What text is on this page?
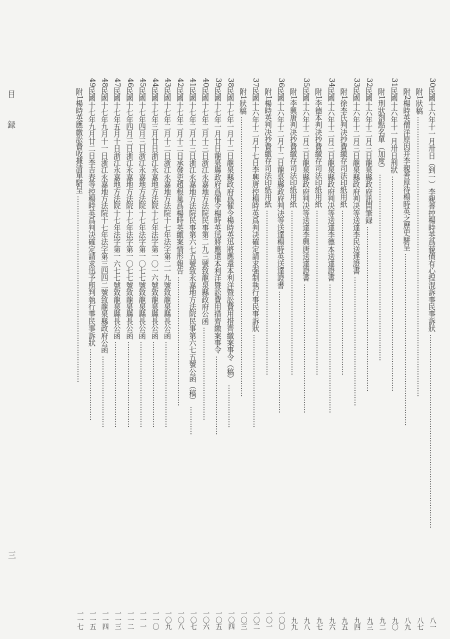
目 録
三
30民國十六年十一月卅日（到一）李親善控楊時英爲藐債有心捏混訴事民事訴狀 ………………………………………………………………………
八一
附1狀稿 ………………………………………………………………………………………………………
八七
附2楊時英僧洋原因并李親善厚待楊時英之歷史駢呈 ………………………………………………………………
八九
31民國十六年十一月卅日刑狀 ………………………………………………………………………………
九〇
附1刑狀劄點名單（加度） ……………………………………………………………………
九二
32民國十六年十二月三日龍泉縣政府訊問筆録 ……………………………………………………………
九三
33民國十六年十二月三日龍泉縣政府判决等送達李民送達證書 ………………………………………………
九四
附1徐李氏判决抄費繳存司法印紙用紙 ……………………………………………………………
九五
34民國十六年十二月三日龍泉縣政府判决等送達李德本送達證書 ………………………………………………
九六
附1李德本判决抄費繳存司法印紙用紙 ……………………………………………………………
九七
35民國十六年十二月三日龍泉縣政府判决等送達李興唐送達證書 ………………………………………………
九八
附1李興唐判决抄費繳存司法印紙用紙 ……………………………………………………………
九九
36民國十六年十二月十二日龍泉縣政府判决等送達楊時英送達證書 ……………………………………………
一〇〇
附1楊時英判决抄費繳存司法印紙用紙 ……………………………………………………………
一〇一
37民國十六年十二月十七日李興唐控楊時英爲判决確定請求强制執行事民事訴狀 …………………………………
一〇二
附1狀稿 ………………………………………………………………………………………………………
一〇三
38民國十七年一月十二日龍泉縣政府爲催令楊時英迅將應還本利洋暨訟費用措齊繳案事令（稿） ………………
一〇四
39民國十七年一月廿日龍泉縣政府爲催令楊時英迅將應還本利洋暨訟費用措齊繳案事令 ……………………………
一〇五
40民國十七年二月十三日浙江永嘉地方法院民事第二九三號致龍泉縣政府公函 …………………………………
一〇六
41民國十七年二月十三日浙江永嘉地方法院民事第六七五號致永嘉地方法院民事第六七五號公函（稿） …………
一〇七
42民國十七年二月十二日承發吏趙根巢爲楊時英繳案情形報告 ………………………………………………
一〇八
43民國十七年二月十二日浙江永嘉地方法院十七年法字第二一九號致龍泉縣長公函 ………………………………
一〇九
44民國十七年三月廿日浙江永嘉地方法院十七年法字第一〇一六號致龍泉縣長公函 ………………………………
一一〇
45民國十七年四月三日浙江永嘉地方法院十七年法字第一〇七七號致龍泉縣長公函 ………………………………
一一一
46民國十七年四月三日浙江永嘉地方法院十七年法字第一〇七七號致龍泉縣長公函 ………………………………
一一二
47民國十七年五月十日浙江永嘉地方法院十七年法字第一六七七號致龍泉縣長公函 ………………………………
一一三
48民國十七年九月十一日浙江永嘉地方法院十七年法字第三四四二號致龍泉縣政府公函 …………………………
一一四
49民國十七年九月廿二日李吉春等控楊時英爲判决確定請求迅予照判執行事民事訴狀 …………………………
一一五
附1楊時英應繳訟費收據清單駢呈 ……………………………………………………………………
一一七
